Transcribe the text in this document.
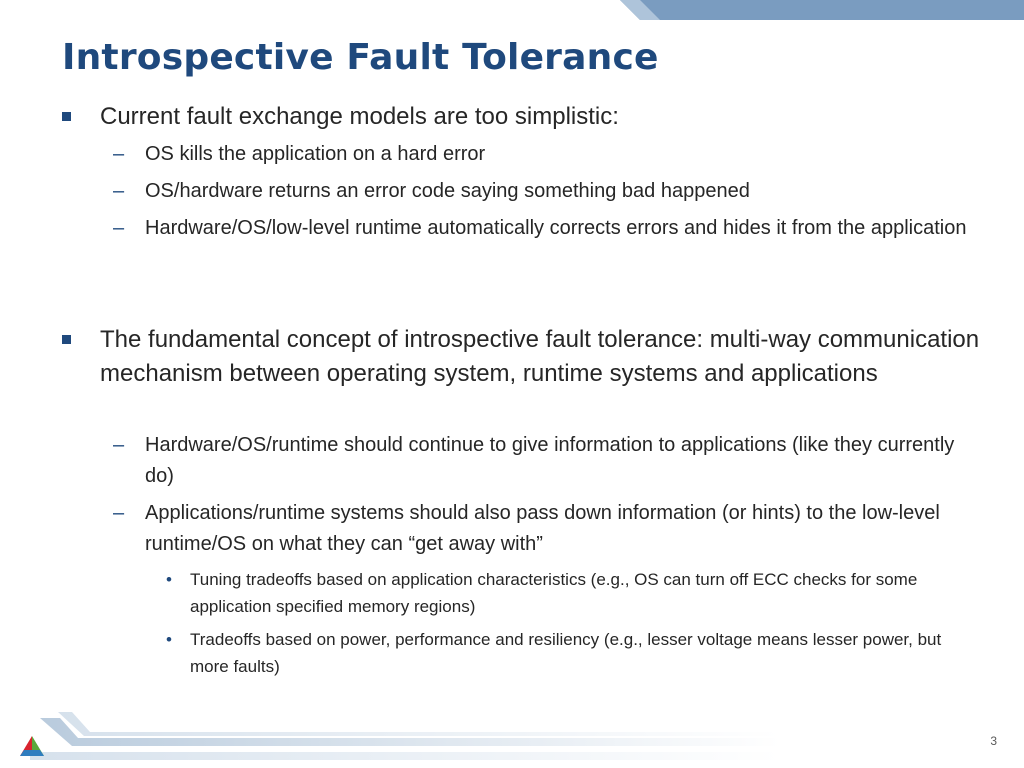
Introspective Fault Tolerance
Current fault exchange models are too simplistic:
– OS kills the application on a hard error
– OS/hardware returns an error code saying something bad happened
– Hardware/OS/low-level runtime automatically corrects errors and hides it from the application
The fundamental concept of introspective fault tolerance: multi-way communication mechanism between operating system, runtime systems and applications
– Hardware/OS/runtime should continue to give information to applications (like they currently do)
– Applications/runtime systems should also pass down information (or hints) to the low-level runtime/OS on what they can “get away with”
• Tuning tradeoffs based on application characteristics (e.g., OS can turn off ECC checks for some application specified memory regions)
• Tradeoffs based on power, performance and resiliency (e.g., lesser voltage means lesser power, but more faults)
3
